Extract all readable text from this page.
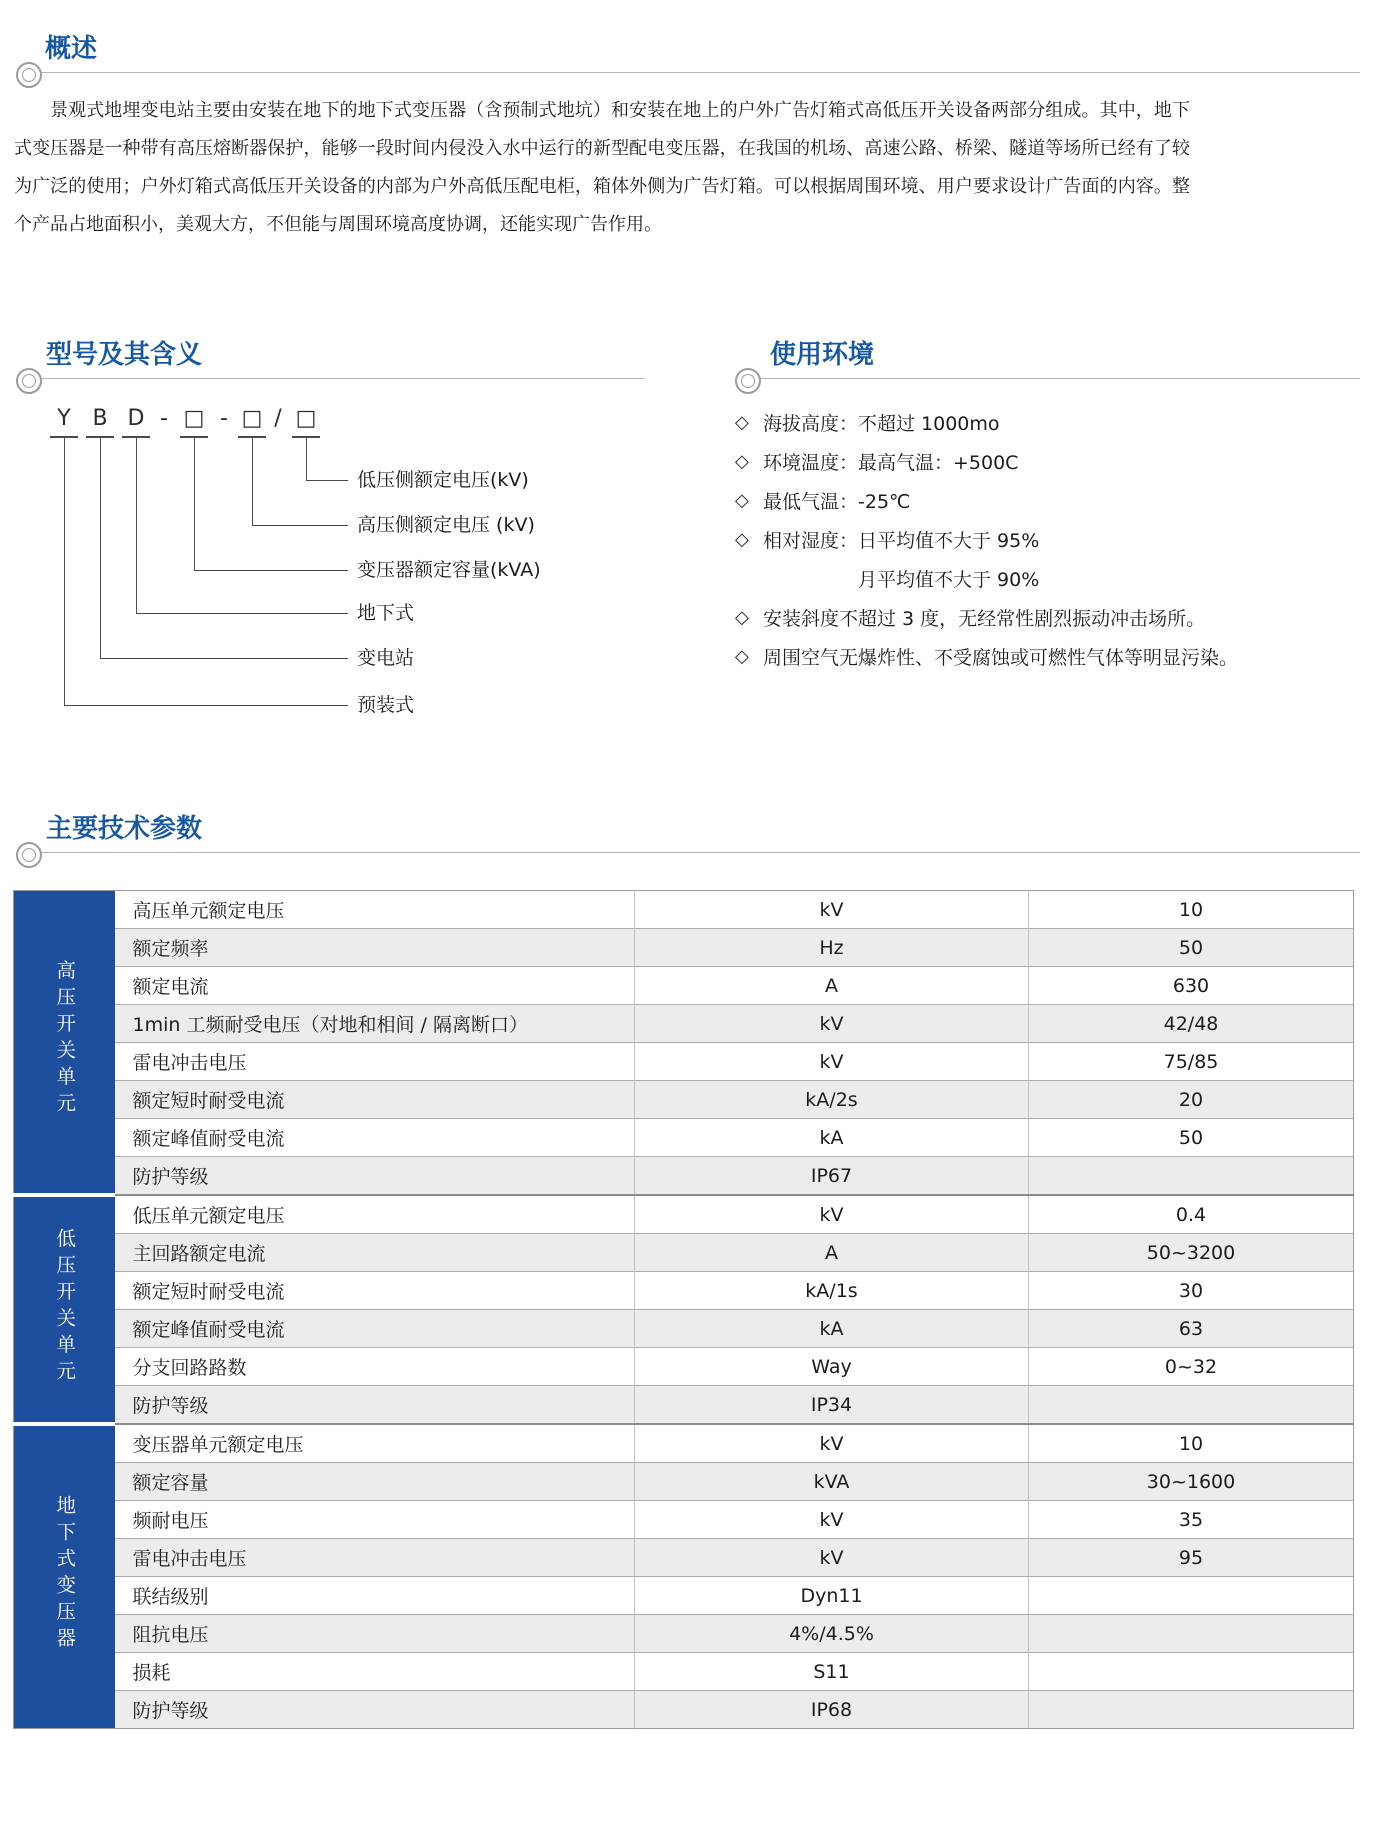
概述
景观式地埋变电站主要由安装在地下的地下式变压器（含预制式地坑）和安装在地上的户外广告灯箱式高低压开关设备两部分组成。其中，地下式变压器是一种带有高压熔断器保护，能够一段时间内侵没入水中运行的新型配电变压器，在我国的机场、高速公路、桥梁、隧道等场所已经有了较为广泛的使用；户外灯箱式高低压开关设备的内部为户外高低压配电柜，箱体外侧为广告灯箱。可以根据周围环境、用户要求设计广告面的内容。整个产品占地面积小，美观大方，不但能与周围环境高度协调，还能实现广告作用。
型号及其含义
Y B D - □ - □ / □
低压侧额定电压(kV)
高压侧额定电压 (kV)
变压器额定容量(kVA)
地下式
变电站
预装式
使用环境
◇ 海拔高度：不超过 1000mo
◇ 环境温度：最高气温：+500C
◇ 最低气温：-25℃
◇ 相对湿度：日平均值不大于 95%
月平均值不大于 90%
◇ 安装斜度不超过 3 度，无经常性剧烈振动冲击场所。
◇ 周围空气无爆炸性、不受腐蚀或可燃性气体等明显污染。
主要技术参数
高压开关单元	高压单元额定电压	kV	10
	额定频率	Hz	50
	额定电流	A	630
	1min 工频耐受电压（对地和相间 / 隔离断口）	kV	42/48
	雷电冲击电压	kV	75/85
	额定短时耐受电流	kA/2s	20
	额定峰值耐受电流	kA	50
	防护等级	IP67	
低压开关单元	低压单元额定电压	kV	0.4
	主回路额定电流	A	50~3200
	额定短时耐受电流	kA/1s	30
	额定峰值耐受电流	kA	63
	分支回路路数	Way	0~32
	防护等级	IP34	
地下式变压器	变压器单元额定电压	kV	10
	额定容量	kVA	30~1600
	频耐电压	kV	35
	雷电冲击电压	kV	95
	联结级别	Dyn11	
	阻抗电压	4%/4.5%	
	损耗	S11	
	防护等级	IP68	
